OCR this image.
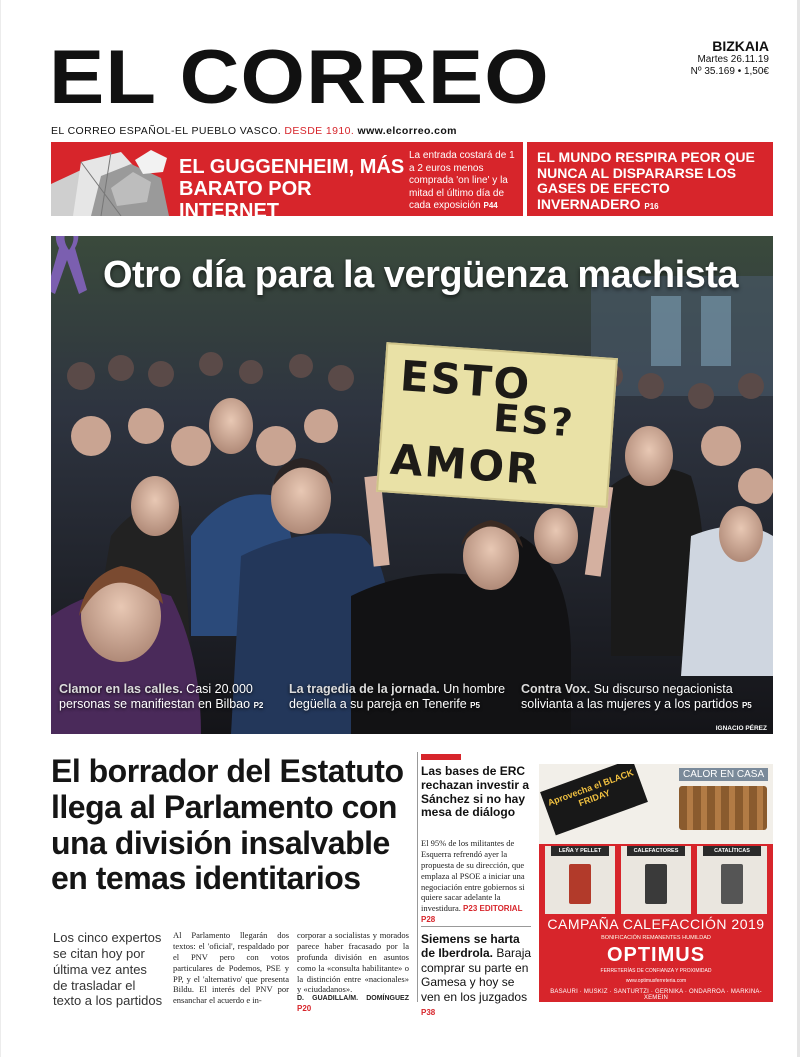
EL CORREO	BIZKAIA
Martes 26.11.19
Nº 35.169 • 1,50€
EL CORREO ESPAÑOL-EL PUEBLO VASCO. DESDE 1910. www.elcorreo.com
EL GUGGENHEIM, MÁS BARATO POR INTERNET
La entrada costará de 1 a 2 euros menos comprada 'on line' y la mitad el último día de cada exposición P44
EL MUNDO RESPIRA PEOR QUE NUNCA AL DISPARARSE LOS GASES DE EFECTO INVERNADERO P16
Otro día para la vergüenza machista
ESTO
ES?
AMOR
Clamor en las calles. Casi 20.000 personas se manifiestan en Bilbao P2
La tragedia de la jornada. Un hombre degüella a su pareja en Tenerife P5
Contra Vox. Su discurso negacionista solivianta a las mujeres y a los partidos P5
IGNACIO PÉREZ
El borrador del Estatuto llega al Parlamento con una división insalvable en temas identitarios
Los cinco expertos se citan hoy por última vez antes de trasladar el texto a los partidos
Al Parlamento llegarán dos textos: el 'oficial', respaldado por el PNV pero con votos particulares de Podemos, PSE y PP, y el 'alternativo' que presenta Bildu. El interés del PNV por ensanchar el acuerdo e in-
corporar a socialistas y morados parece haber fracasado por la profunda división en asuntos como la «consulta habilitante» o la distinción entre «nacionales» y «ciudadanos».
D. GUADILLA/M. DOMÍNGUEZ P20
Las bases de ERC rechazan investir a Sánchez si no hay mesa de diálogo
El 95% de los militantes de Esquerra refrendó ayer la propuesta de su dirección, que emplaza al PSOE a iniciar una negociación entre gobiernos si quiere sacar adelante la investidura. P23 EDITORIAL P28
Siemens se harta de Iberdrola. Baraja comprar su parte en Gamesa y hoy se ven en los juzgados P38
Aprovecha el BLACK FRIDAY
CALOR EN CASA
LEÑA Y PELLET	CALEFACTORES	CATALÍTICAS
CAMPAÑA CALEFACCIÓN 2019
BONIFICACIÓN REMANENTES HUMILDAD
OPTIMUS
FERRETERÍAS DE CONFIANZA Y PROXIMIDAD
www.optimusferreteria.com
BASAURI · MUSKIZ · SANTURTZI · GERNIKA · ONDARROA · MARKINA-XEMEIN
